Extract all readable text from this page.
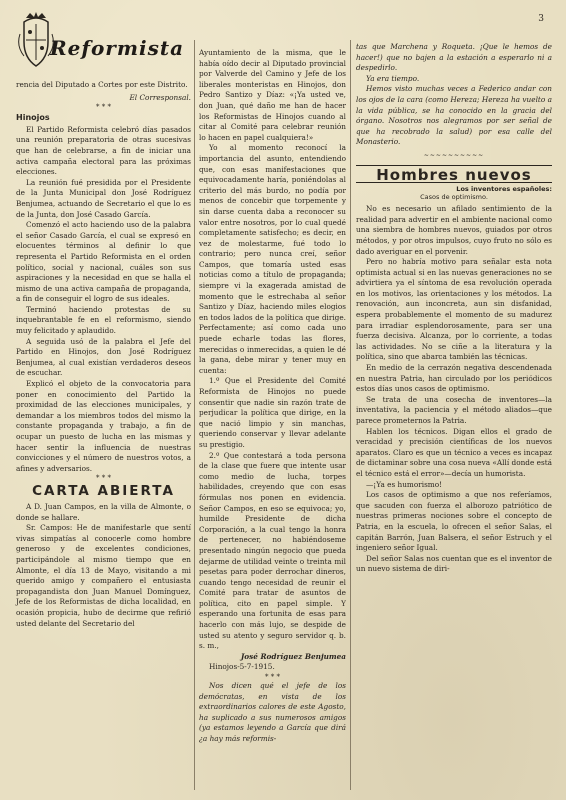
Reformista
3

rencia del Diputado a Cortes por este Distrito.

El Corresponsal.

* * *

Hinojos

El Partido Reformista celebró días pasados una reunión preparatoria de otras sucesivas que han de celebrarse, a fin de iniciar una activa campaña electoral para las próximas elecciones.

La reunión fué presidida por el Presidente de la Junta Municipal don José Rodríguez Benjumea, actuando de Secretario el que lo es de la Junta, don José Casado García.

Comenzó el acto haciendo uso de la palabra el señor Casado García, el cual se expresó en elocuentes términos al definir lo que representa el Partido Reformista en el orden político, social y nacional, cuáles son sus aspiraciones y la necesidad en que se halla el mismo de una activa campaña de propaganda, a fin de conseguir el logro de sus ideales.

Terminó haciendo protestas de su inquebrantable fe en el reformismo, siendo muy felicitado y aplaudido.

A seguida usó de la palabra el Jefe del Partido en Hinojos, don José Rodríguez Benjumea, al cual existían verdaderos deseos de escuchar.

Explicó el objeto de la convocatoria para poner en conocimiento del Partido la proximidad de las elecciones municipales, y demandar a los miembros todos del mismo la constante propaganda y trabajo, a fin de ocupar un puesto de lucha en las mismas y hacer sentir la influencia de nuestras convicciones y el número de nuestros votos, a afines y adversarios.

* * *

CARTA ABIERTA

A D. Juan Campos, en la villa de Almonte, o donde se hallare.

Sr. Campos: He de manifestarle que sentí vivas simpatías al conocerle como hombre generoso y de excelentes condiciones, participándole al mismo tiempo que en Almonte, el día 13 de Mayo, visitando a mi querido amigo y compañero el entusiasta propagandista don Juan Manuel Domínguez, Jefe de los Reformistas de dicha localidad, en ocasión propicia, hubo de decirme que refirió usted delante del Secretario del

Ayuntamiento de la misma, que le había oído decir al Diputado provincial por Valverde del Camino y Jefe de los liberales monteristas en Hinojos, don Pedro Santizo y Díaz: «¡Ya usted ve, don Juan, qué daño me han de hacer los Reformistas de Hinojos cuando al citar al Comité para celebrar reunión lo hacen en papel cualquiera!»

Yo al momento reconocí la importancia del asunto, entendiendo que, con esas manifestaciones que equivocadamente haría, poniéndolas al criterio del más burdo, no podía por menos de concebir que torpemente y sin darse cuenta daba a reconocer su valor entre nosotros, por lo cual quedé completamente satisfecho; es decir, en vez de molestarme, fué todo lo contrario; pero nunca creí, señor Campos, que tomaría usted esas noticias como a título de propaganda; siempre vi la exagerada amistad de momento que le estrechaba al señor Santizo y Díaz, haciendo miles elogios en todos lados de la política que dirige. Perfectamente; así como cada uno puede echarle todas las flores, merecidas o inmerecidas, a quien le dé la gana, debe mirar y tener muy en cuenta:

1.º Que el Presidente del Comité Reformista de Hinojos no puede consentir que nadie sin razón trate de perjudicar la política que dirige, en la que nació limpio y sin manchas, queriendo conservar y llevar adelante su prestigio.

2.º Que contestará a toda persona de la clase que fuere que intente usar como medio de lucha, torpes habilidades, creyendo que con esas fórmulas nos ponen en evidencia. Señor Campos, en eso se equivoca; yo, humilde Presidente de dicha Corporación, a la cual tengo la honra de pertenecer, no habiéndoseme presentado ningún negocio que pueda dejarme de utilidad veinte o treinta mil pesetas para poder derrochar dineros, cuando tengo necesidad de reunir el Comité para tratar de asuntos de política, cito en papel simple. Y esperando una fortunita de esas para hacerlo con más lujo, se despide de usted su atento y seguro servidor q. b. s. m.,

José Rodríguez Benjumea

Hinojos-5-7-1915.

* * *

Nos dicen qué el jefe de los demócratas, en vista de los extraordinarios calores de este Agosto, ha suplicado a sus numerosos amigos (ya estamos leyendo a García que dirá ¿a hay más reformis-

tas que Marchena y Roqueta. ¡Que le hemos de hacer!) que no bajen a la estación a esperarlo ni a despedirlo.

Ya era tiempo.

Hemos visto muchas veces a Federico andar con los ojos de la cara (como Hereza; Hereza ha vuelto a la vida pública, se ha conocido en la gracia del órgano. Nosotros nos alegramos por ser señal de que ha recobrado la salud) por esa calle del Monasterio.

~~~~~~~~~~

Hombres nuevos

Los inventores españoles:

Casos de optimismo.

No es necesario un afilado sentimiento de la realidad para advertir en el ambiente nacional como una siembra de hombres nuevos, guiados por otros métodos, y por otros impulsos, cuyo fruto no sólo es dado averiguar en el porvenir.

Pero no habría motivo para señalar esta nota optimista actual si en las nuevas generaciones no se advirtiera ya el síntoma de esa revolución operada en los motivos, las orientaciones y los métodos. La renovación, aun inconcreta, aun sin disfanidad, espera probablemente el momento de su madurez para irradiar esplendorosamente, para ser una fuerza decisiva. Alcanza, por lo corriente, a todas las actividades. No se ciñe a la literatura y la política, sino que abarca también las técnicas.

En medio de la cerrazón negativa descendenada en nuestra Patria, han circulado por los periódicos estos días unos casos de optimismo.

Se trata de una cosecha de inventores—la inventativa, la paciencia y el método aliados—que parece prometernos la Patria.

Hablen los técnicos. Digan ellos el grado de veracidad y precisión científicas de los nuevos aparatos. Claro es que un técnico a veces es incapaz de dictaminar sobre una cosa nueva «Allí donde está el técnico está el error»—decía un humorista.

—¡Ya es humorismo!

Los casos de optimismo a que nos referíamos, que sacuden con fuerza el alborozo patriótico de nuestras primeras nociones sobre el concepto de Patria, en la escuela, lo ofrecen el señor Salas, el capitán Barrón, Juan Balsera, el señor Estruch y el ingeniero señor Igual.

Del señor Salas nos cuentan que es el inventor de un nuevo sistema de diri-
